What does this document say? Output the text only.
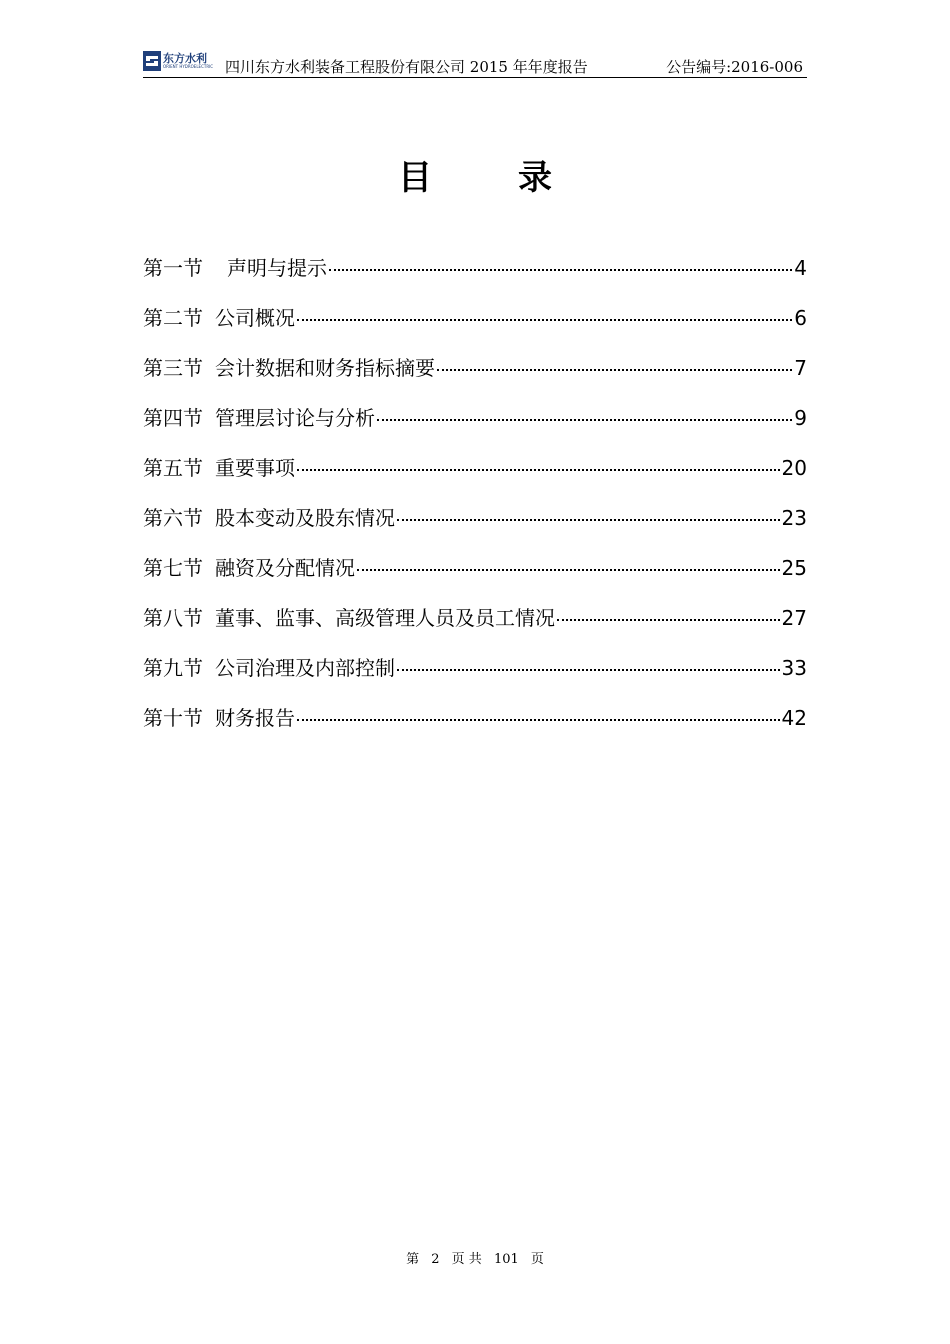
东方水利
ORIENT HYDROELECTRIC 四川东方水利装备工程股份有限公司 2015 年年度报告	公告编号:2016-006
目录
第一节 声明与提示	4
第二节 公司概况	6
第三节 会计数据和财务指标摘要	7
第四节 管理层讨论与分析	9
第五节 重要事项	20
第六节 股本变动及股东情况	23
第七节 融资及分配情况	25
第八节 董事、监事、高级管理人员及员工情况	27
第九节 公司治理及内部控制	33
第十节 财务报告	42
第 2 页 共 101 页
